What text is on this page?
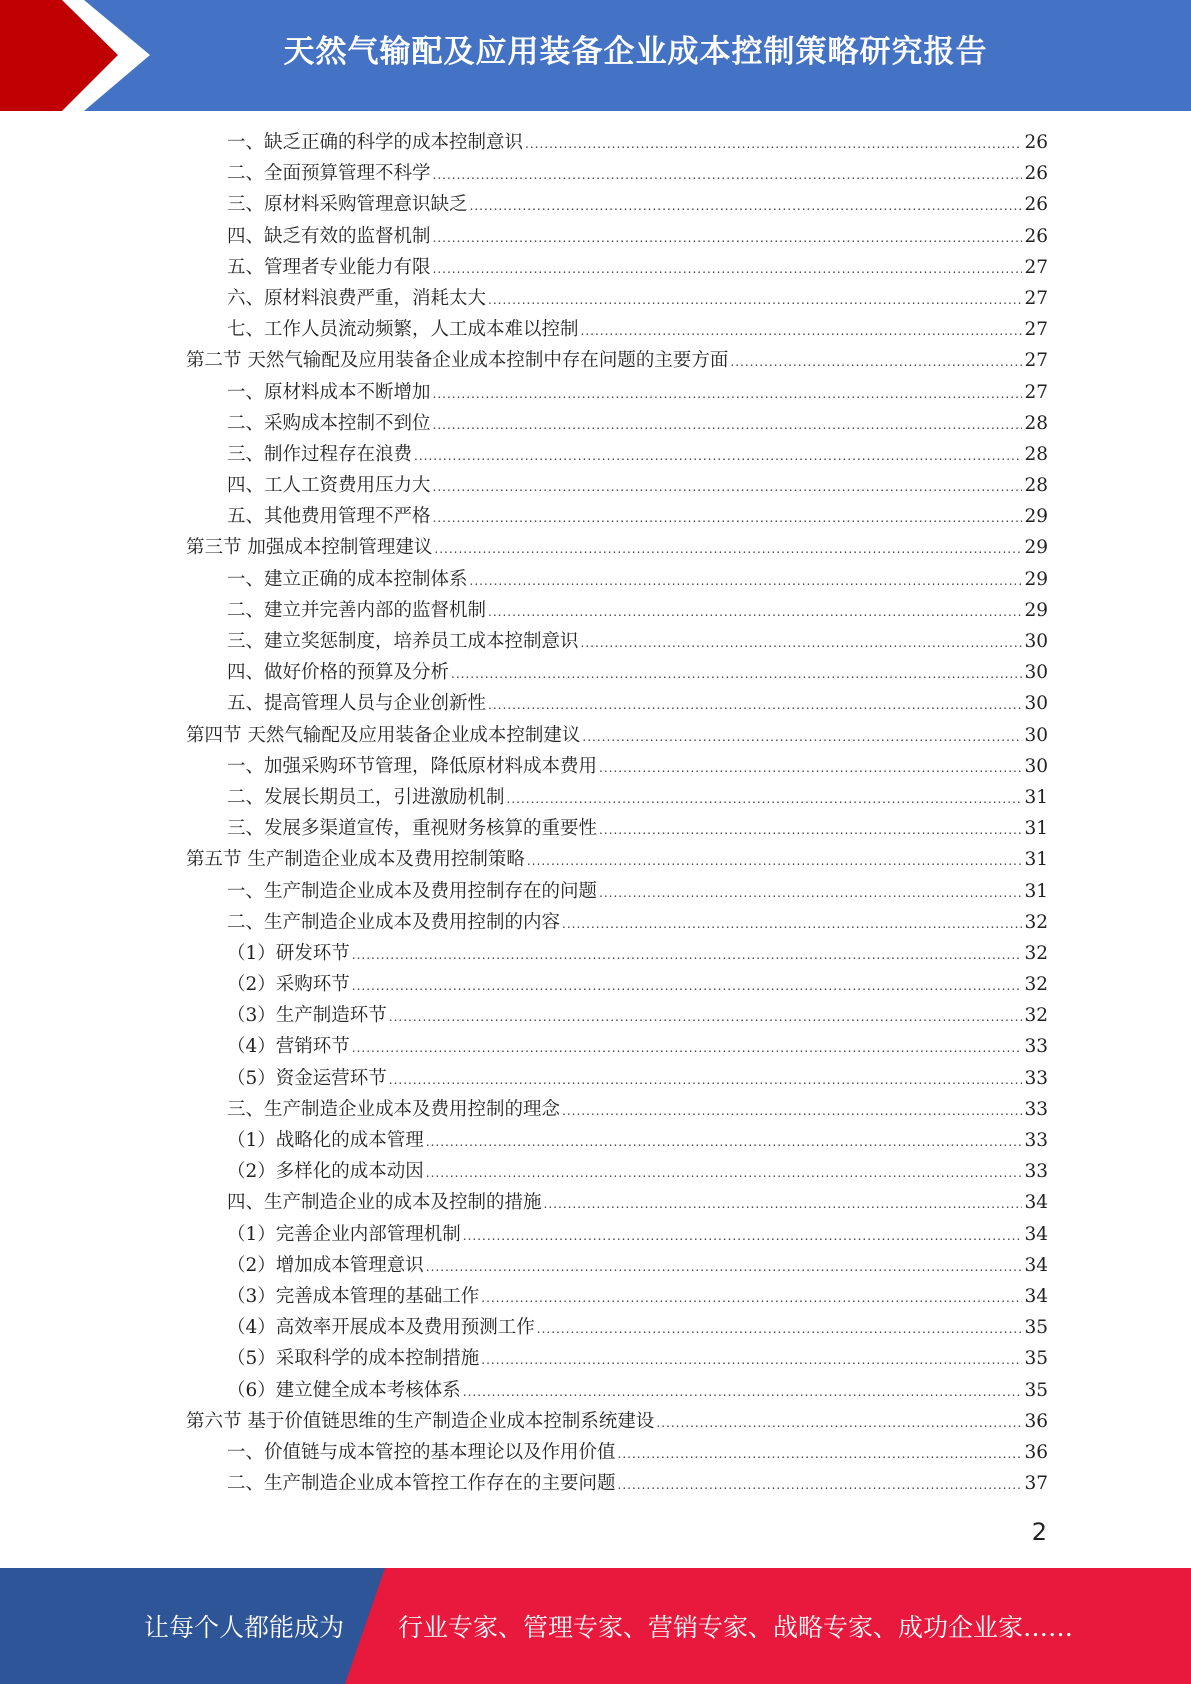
天然气输配及应用装备企业成本控制策略研究报告
一、缺乏正确的科学的成本控制意识 .....	26
二、全面预算管理不科学 .....	26
三、原材料采购管理意识缺乏 .....	26
四、缺乏有效的监督机制 .....	26
五、管理者专业能力有限 .....	27
六、原材料浪费严重，消耗太大 .....	27
七、工作人员流动频繁，人工成本难以控制 .....	27
第二节 天然气输配及应用装备企业成本控制中存在问题的主要方面 .....	27
一、原材料成本不断增加 .....	27
二、采购成本控制不到位 .....	28
三、制作过程存在浪费 .....	28
四、工人工资费用压力大 .....	28
五、其他费用管理不严格 .....	29
第三节 加强成本控制管理建议 .....	29
一、建立正确的成本控制体系 .....	29
二、建立并完善内部的监督机制 .....	29
三、建立奖惩制度，培养员工成本控制意识 .....	30
四、做好价格的预算及分析 .....	30
五、提高管理人员与企业创新性 .....	30
第四节 天然气输配及应用装备企业成本控制建议 .....	30
一、加强采购环节管理，降低原材料成本费用 .....	30
二、发展长期员工，引进激励机制 .....	31
三、发展多渠道宣传，重视财务核算的重要性 .....	31
第五节 生产制造企业成本及费用控制策略 .....	31
一、生产制造企业成本及费用控制存在的问题 .....	31
二、生产制造企业成本及费用控制的内容 .....	32
（1）研发环节 .....	32
（2）采购环节 .....	32
（3）生产制造环节 .....	32
（4）营销环节 .....	33
（5）资金运营环节 .....	33
三、生产制造企业成本及费用控制的理念 .....	33
（1）战略化的成本管理 .....	33
（2）多样化的成本动因 .....	33
四、生产制造企业的成本及控制的措施 .....	34
（1）完善企业内部管理机制 .....	34
（2）增加成本管理意识 .....	34
（3）完善成本管理的基础工作 .....	34
（4）高效率开展成本及费用预测工作 .....	35
（5）采取科学的成本控制措施 .....	35
（6）建立健全成本考核体系 .....	35
第六节 基于价值链思维的生产制造企业成本控制系统建设 .....	36
一、价值链与成本管控的基本理论以及作用价值 .....	36
二、生产制造企业成本管控工作存在的主要问题 .....	37
2
让每个人都能成为 行业专家、管理专家、营销专家、战略专家、成功企业家……
